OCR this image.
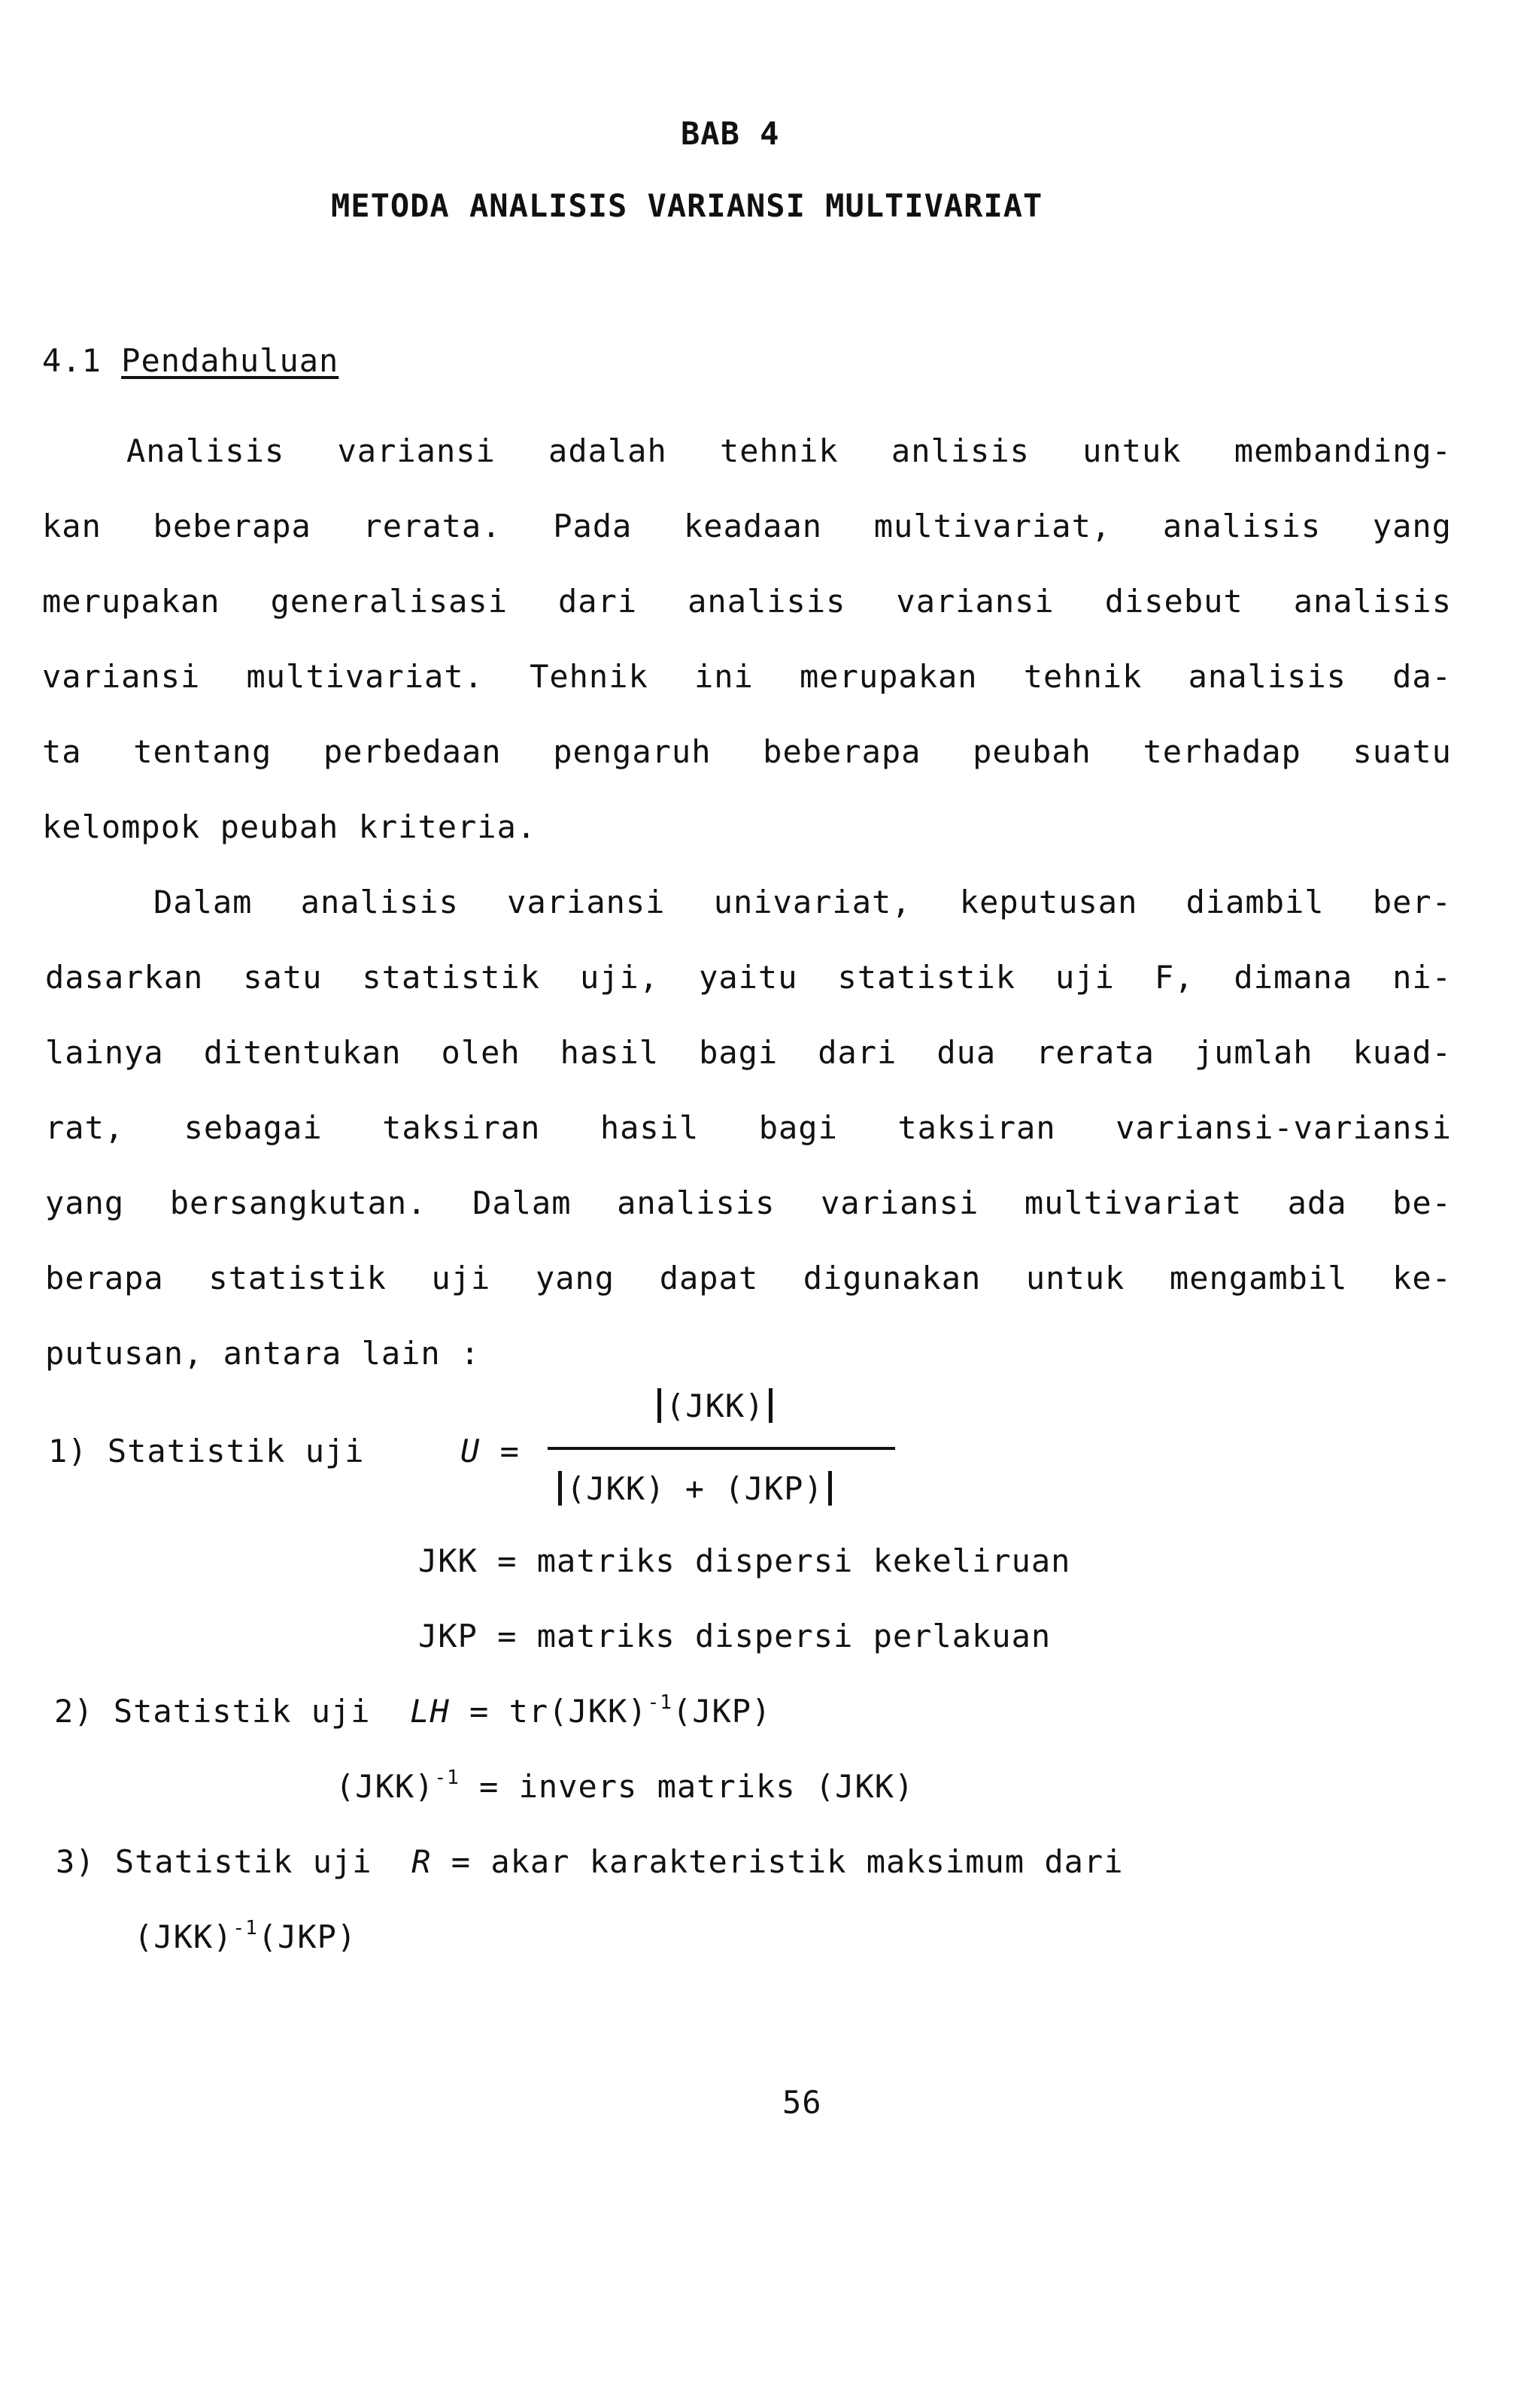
BAB 4
METODA ANALISIS VARIANSI MULTIVARIAT
4.1 Pendahuluan
Analisis variansi adalah tehnik anlisis untuk membanding-
kan beberapa rerata. Pada keadaan multivariat, analisis yang
merupakan generalisasi dari analisis variansi disebut analisis
variansi multivariat. Tehnik ini merupakan tehnik analisis da-
ta tentang perbedaan pengaruh beberapa peubah terhadap suatu
kelompok peubah kriteria.
Dalam analisis variansi univariat, keputusan diambil ber-
dasarkan satu statistik uji, yaitu statistik uji F, dimana ni-
lainya ditentukan oleh hasil bagi dari dua rerata jumlah kuad-
rat, sebagai taksiran hasil bagi taksiran variansi-variansi
yang bersangkutan. Dalam analisis variansi multivariat ada be-
berapa statistik uji yang dapat digunakan untuk mengambil ke-
putusan, antara lain :
(JKK)
1) Statistik uji	U =
(JKK) + (JKP)
JKK = matriks dispersi kekeliruan
JKP = matriks dispersi perlakuan
2) Statistik uji LH = tr(JKK)$^{-1}$(JKP)
(JKK)$^{-1}$ = invers matriks (JKK)
3) Statistik uji R = akar karakteristik maksimum dari
(JKK)$^{-1}$(JKP)
56
